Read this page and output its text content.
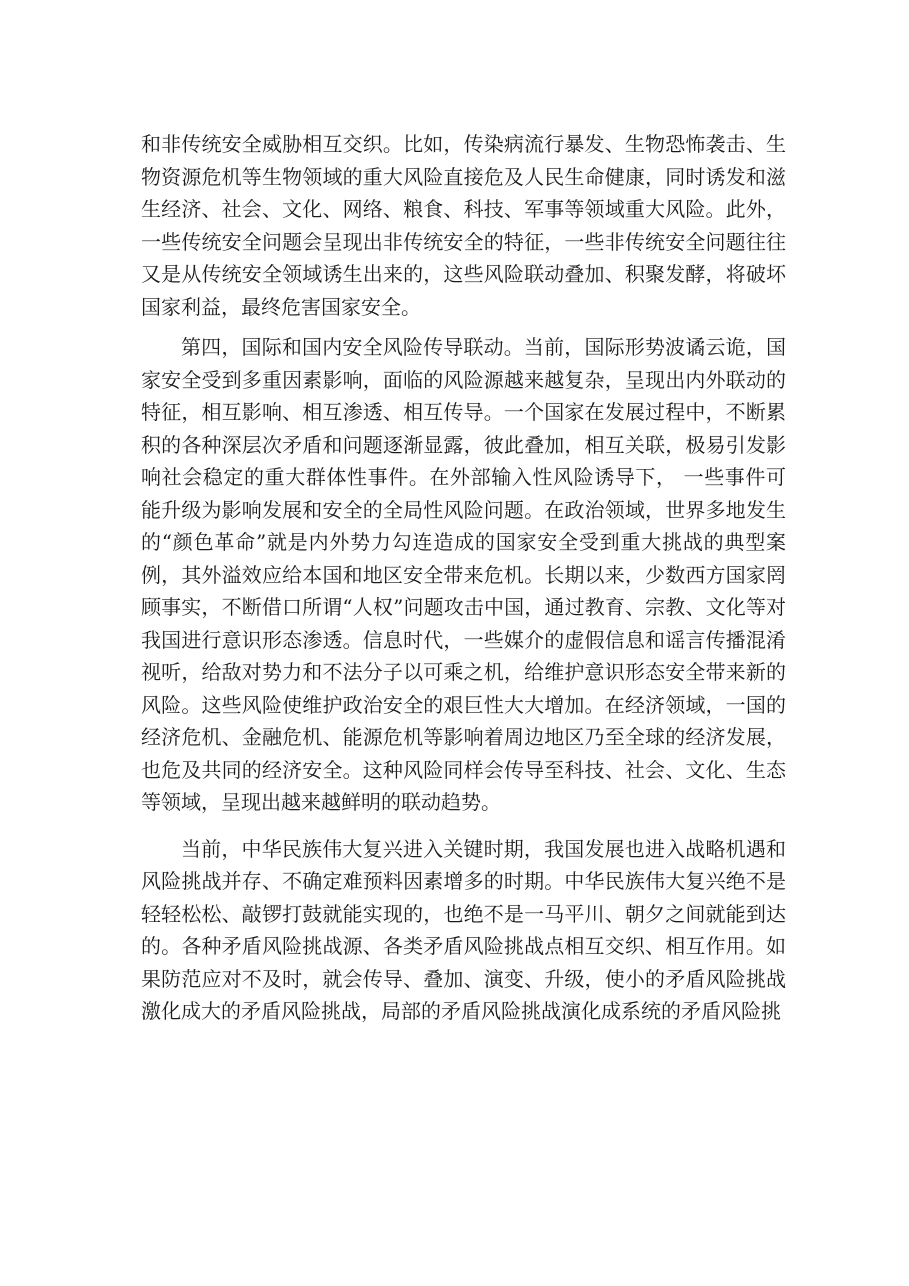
和非传统安全威胁相互交织。比如，传染病流行暴发、生物恐怖袭击、生物资源危机等生物领域的重大风险直接危及人民生命健康，同时诱发和滋生经济、社会、文化、网络、粮食、科技、军事等领域重大风险。此外，一些传统安全问题会呈现出非传统安全的特征，一些非传统安全问题往往又是从传统安全领域诱生出来的，这些风险联动叠加、积聚发酵，将破坏国家利益，最终危害国家安全。

第四，国际和国内安全风险传导联动。当前，国际形势波谲云诡，国家安全受到多重因素影响，面临的风险源越来越复杂，呈现出内外联动的特征，相互影响、相互渗透、相互传导。一个国家在发展过程中，不断累积的各种深层次矛盾和问题逐渐显露，彼此叠加，相互关联，极易引发影响社会稳定的重大群体性事件。在外部输入性风险诱导下， 一些事件可能升级为影响发展和安全的全局性风险问题。在政治领域，世界多地发生的“颜色革命”就是内外势力勾连造成的国家安全受到重大挑战的典型案例，其外溢效应给本国和地区安全带来危机。长期以来，少数西方国家罔顾事实，不断借口所谓“人权”问题攻击中国，通过教育、宗教、文化等对我国进行意识形态渗透。信息时代，一些媒介的虚假信息和谣言传播混淆视听，给敌对势力和不法分子以可乘之机，给维护意识形态安全带来新的风险。这些风险使维护政治安全的艰巨性大大增加。在经济领域，一国的经济危机、金融危机、能源危机等影响着周边地区乃至全球的经济发展，也危及共同的经济安全。这种风险同样会传导至科技、社会、文化、生态等领域，呈现出越来越鲜明的联动趋势。

当前，中华民族伟大复兴进入关键时期，我国发展也进入战略机遇和 风险挑战并存、不确定难预料因素增多的时期。中华民族伟大复兴绝不是 轻轻松松、敲锣打鼓就能实现的，也绝不是一马平川、朝夕之间就能到达 的。各种矛盾风险挑战源、各类矛盾风险挑战点相互交织、相互作用。如 果防范应对不及时，就会传导、叠加、演变、升级，使小的矛盾风险挑战 激化成大的矛盾风险挑战，局部的矛盾风险挑战演化成系统的矛盾风险挑
